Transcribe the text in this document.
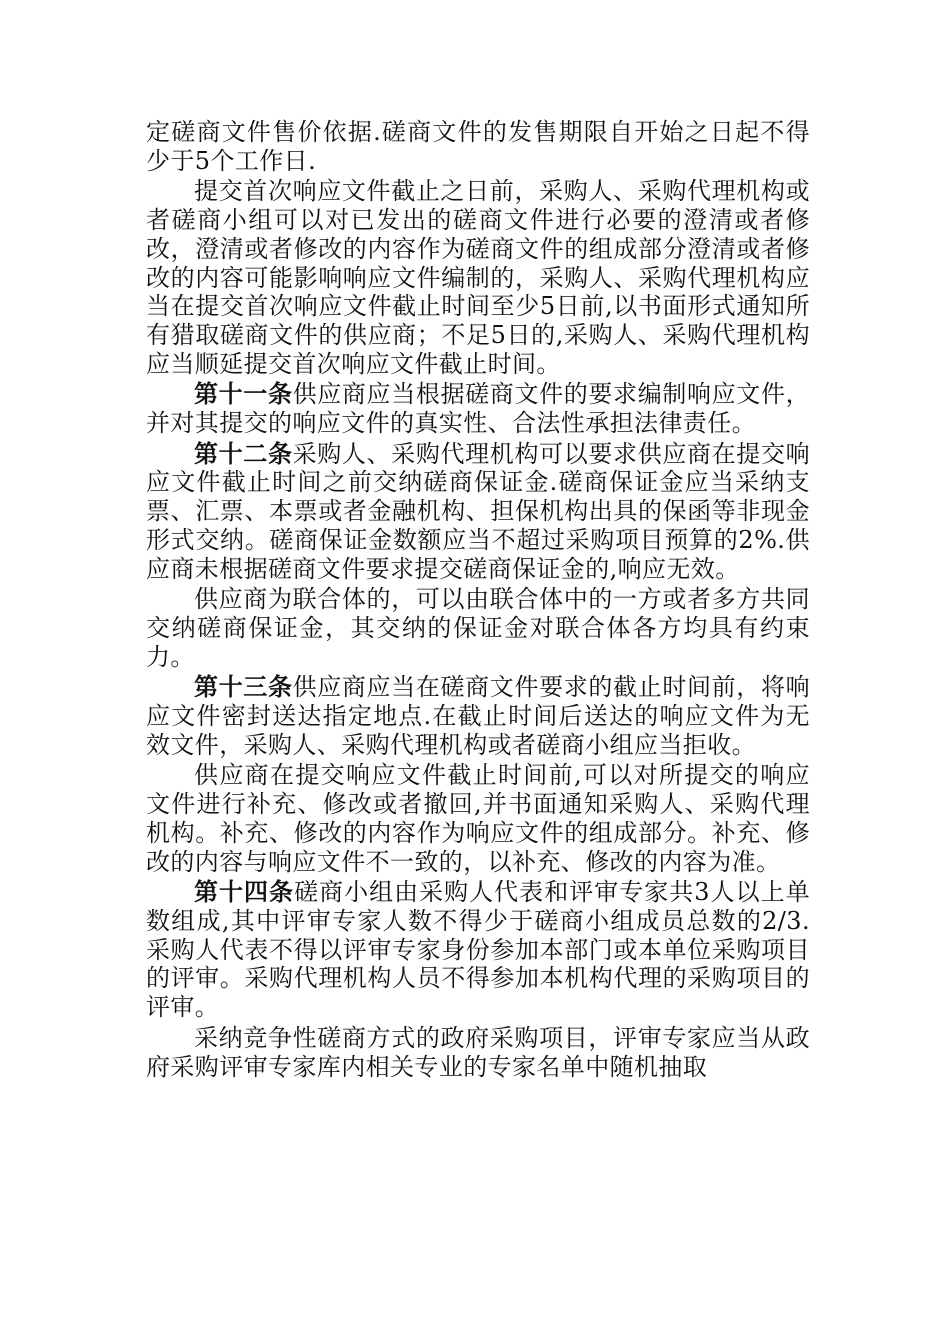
定磋商文件售价依据.磋商文件的发售期限自开始之日起不得少于5个工作日.

提交首次响应文件截止之日前，采购人、采购代理机构或者磋商小组可以对已发出的磋商文件进行必要的澄清或者修改，澄清或者修改的内容作为磋商文件的组成部分澄清或者修改的内容可能影响响应文件编制的，采购人、采购代理机构应当在提交首次响应文件截止时间至少5日前,以书面形式通知所有猎取磋商文件的供应商；不足5日的,采购人、采购代理机构应当顺延提交首次响应文件截止时间。

第十一条供应商应当根据磋商文件的要求编制响应文件，并对其提交的响应文件的真实性、合法性承担法律责任。

第十二条采购人、采购代理机构可以要求供应商在提交响应文件截止时间之前交纳磋商保证金.磋商保证金应当采纳支票、汇票、本票或者金融机构、担保机构出具的保函等非现金形式交纳。磋商保证金数额应当不超过采购项目预算的2%.供应商未根据磋商文件要求提交磋商保证金的,响应无效。

供应商为联合体的，可以由联合体中的一方或者多方共同交纳磋商保证金，其交纳的保证金对联合体各方均具有约束力。

第十三条供应商应当在磋商文件要求的截止时间前，将响应文件密封送达指定地点.在截止时间后送达的响应文件为无效文件，采购人、采购代理机构或者磋商小组应当拒收。

供应商在提交响应文件截止时间前,可以对所提交的响应文件进行补充、修改或者撤回,并书面通知采购人、采购代理机构。补充、修改的内容作为响应文件的组成部分。补充、修改的内容与响应文件不一致的，以补充、修改的内容为准。

第十四条磋商小组由采购人代表和评审专家共3人以上单数组成,其中评审专家人数不得少于磋商小组成员总数的2/3.采购人代表不得以评审专家身份参加本部门或本单位采购项目的评审。采购代理机构人员不得参加本机构代理的采购项目的评审。

采纳竞争性磋商方式的政府采购项目，评审专家应当从政府采购评审专家库内相关专业的专家名单中随机抽取
